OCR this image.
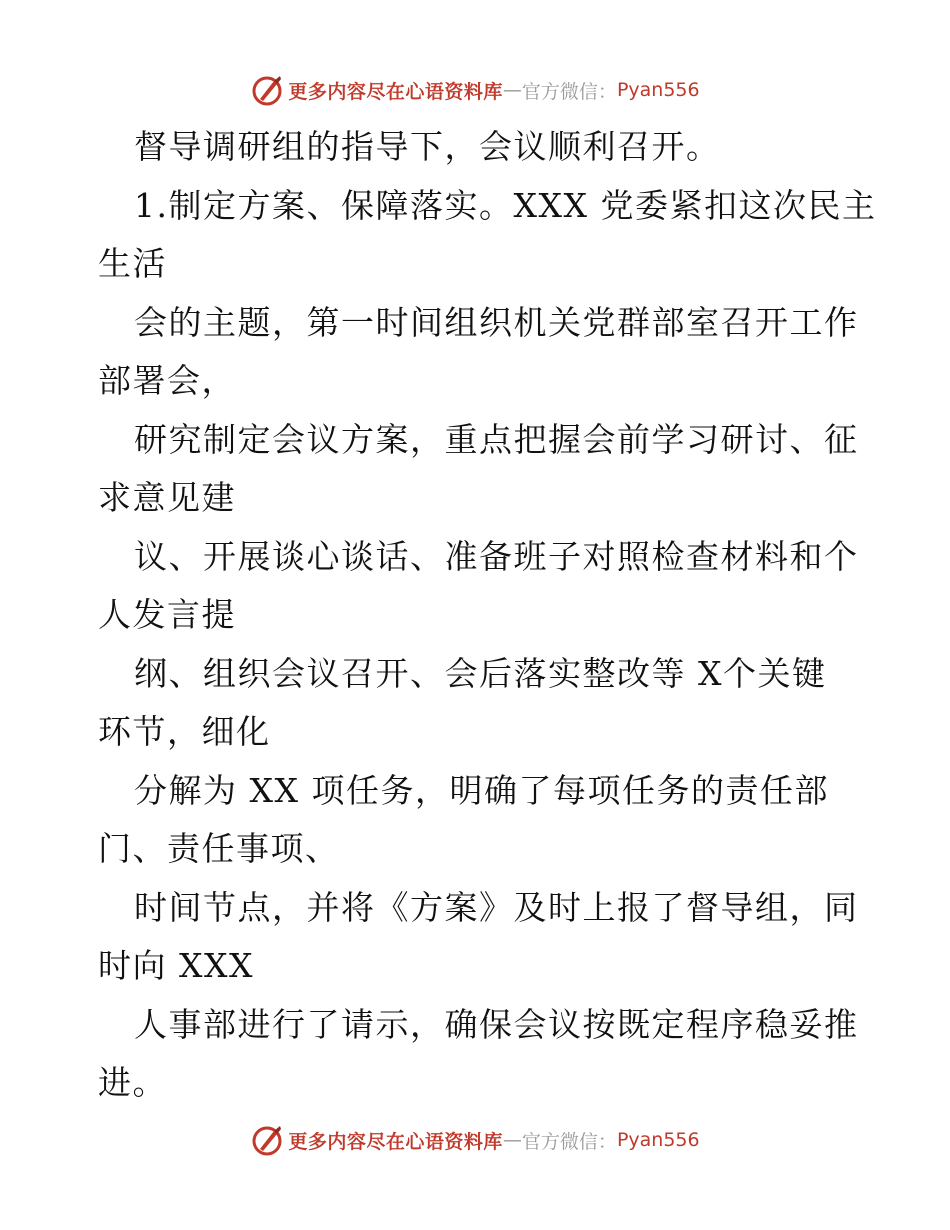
更多内容尽在心语资料库 — 官方微信： Pyan556
督导调研组的指导下，会议顺利召开。
1.制定方案、保障落实。XXX 党委紧扣这次民主
生活
会的主题，第一时间组织机关党群部室召开工作
部署会，
研究制定会议方案，重点把握会前学习研讨、征
求意见建
议、开展谈心谈话、准备班子对照检查材料和个
人发言提
纲、组织会议召开、会后落实整改等 X个关键
环节，细化
分解为 XX 项任务，明确了每项任务的责任部
门、责任事项、
时间节点，并将《方案》及时上报了督导组，同
时向 XXX
人事部进行了请示，确保会议按既定程序稳妥推
进。
更多内容尽在心语资料库 — 官方微信： Pyan556
